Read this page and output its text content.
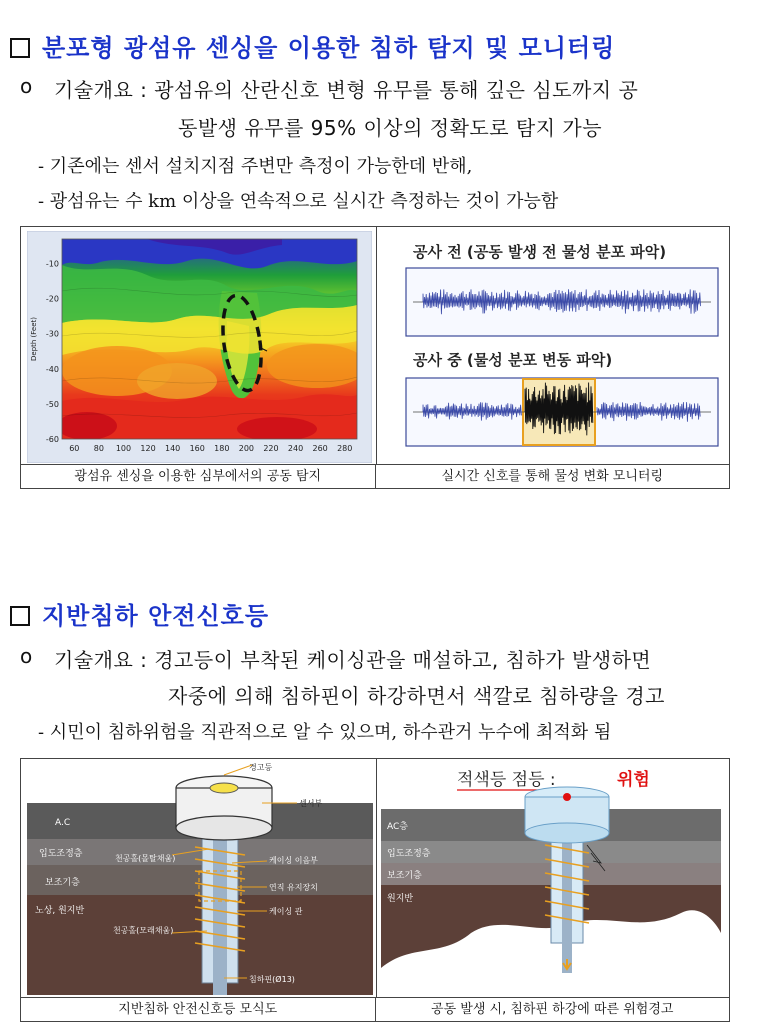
분포형 광섬유 센싱을 이용한 침하 탐지 및 모니터링
o 기술개요 : 광섬유의 산란신호 변형 유무를 통해 깊은 심도까지 공
동발생 유무를 95% 이상의 정확도로 탐지 가능
- 기존에는 센서 설치지점 주변만 측정이 가능한데 반해,
- 광섬유는 수 km 이상을 연속적으로 실시간 측정하는 것이 가능함
-10
-20
-30
-40
-50
-60
60 80 100 120 140 160 180 200 220 240 260 280
Depth (Feet)
공사 전 (공동 발생 전 물성 분포 파악)
공사 중 (물성 분포 변동 파악)
광섬유 센싱을 이용한 심부에서의 공동 탐지	실시간 신호를 통해 물성 변화 모니터링
지반침하 안전신호등
o 기술개요 : 경고등이 부착된 케이싱관을 매설하고, 침하가 발생하면
자중에 의해 침하핀이 하강하면서 색깔로 침하량을 경고
- 시민이 침하위험을 직관적으로 알 수 있으며, 하수관거 누수에 최적화 됨
경고등
센서부
천공홀(몰탈채움)	케이싱 이음부
연직 유지장치
케이싱 관
천공홀(모래채움)
침하핀(Ø13)
A.C
입도조정층
보조기층
노상, 원지반
적색등 점등 :	위험
AC층
입도조정층
보조기층
원지반
지반침하 안전신호등 모식도	공동 발생 시, 침하핀 하강에 따른 위험경고
